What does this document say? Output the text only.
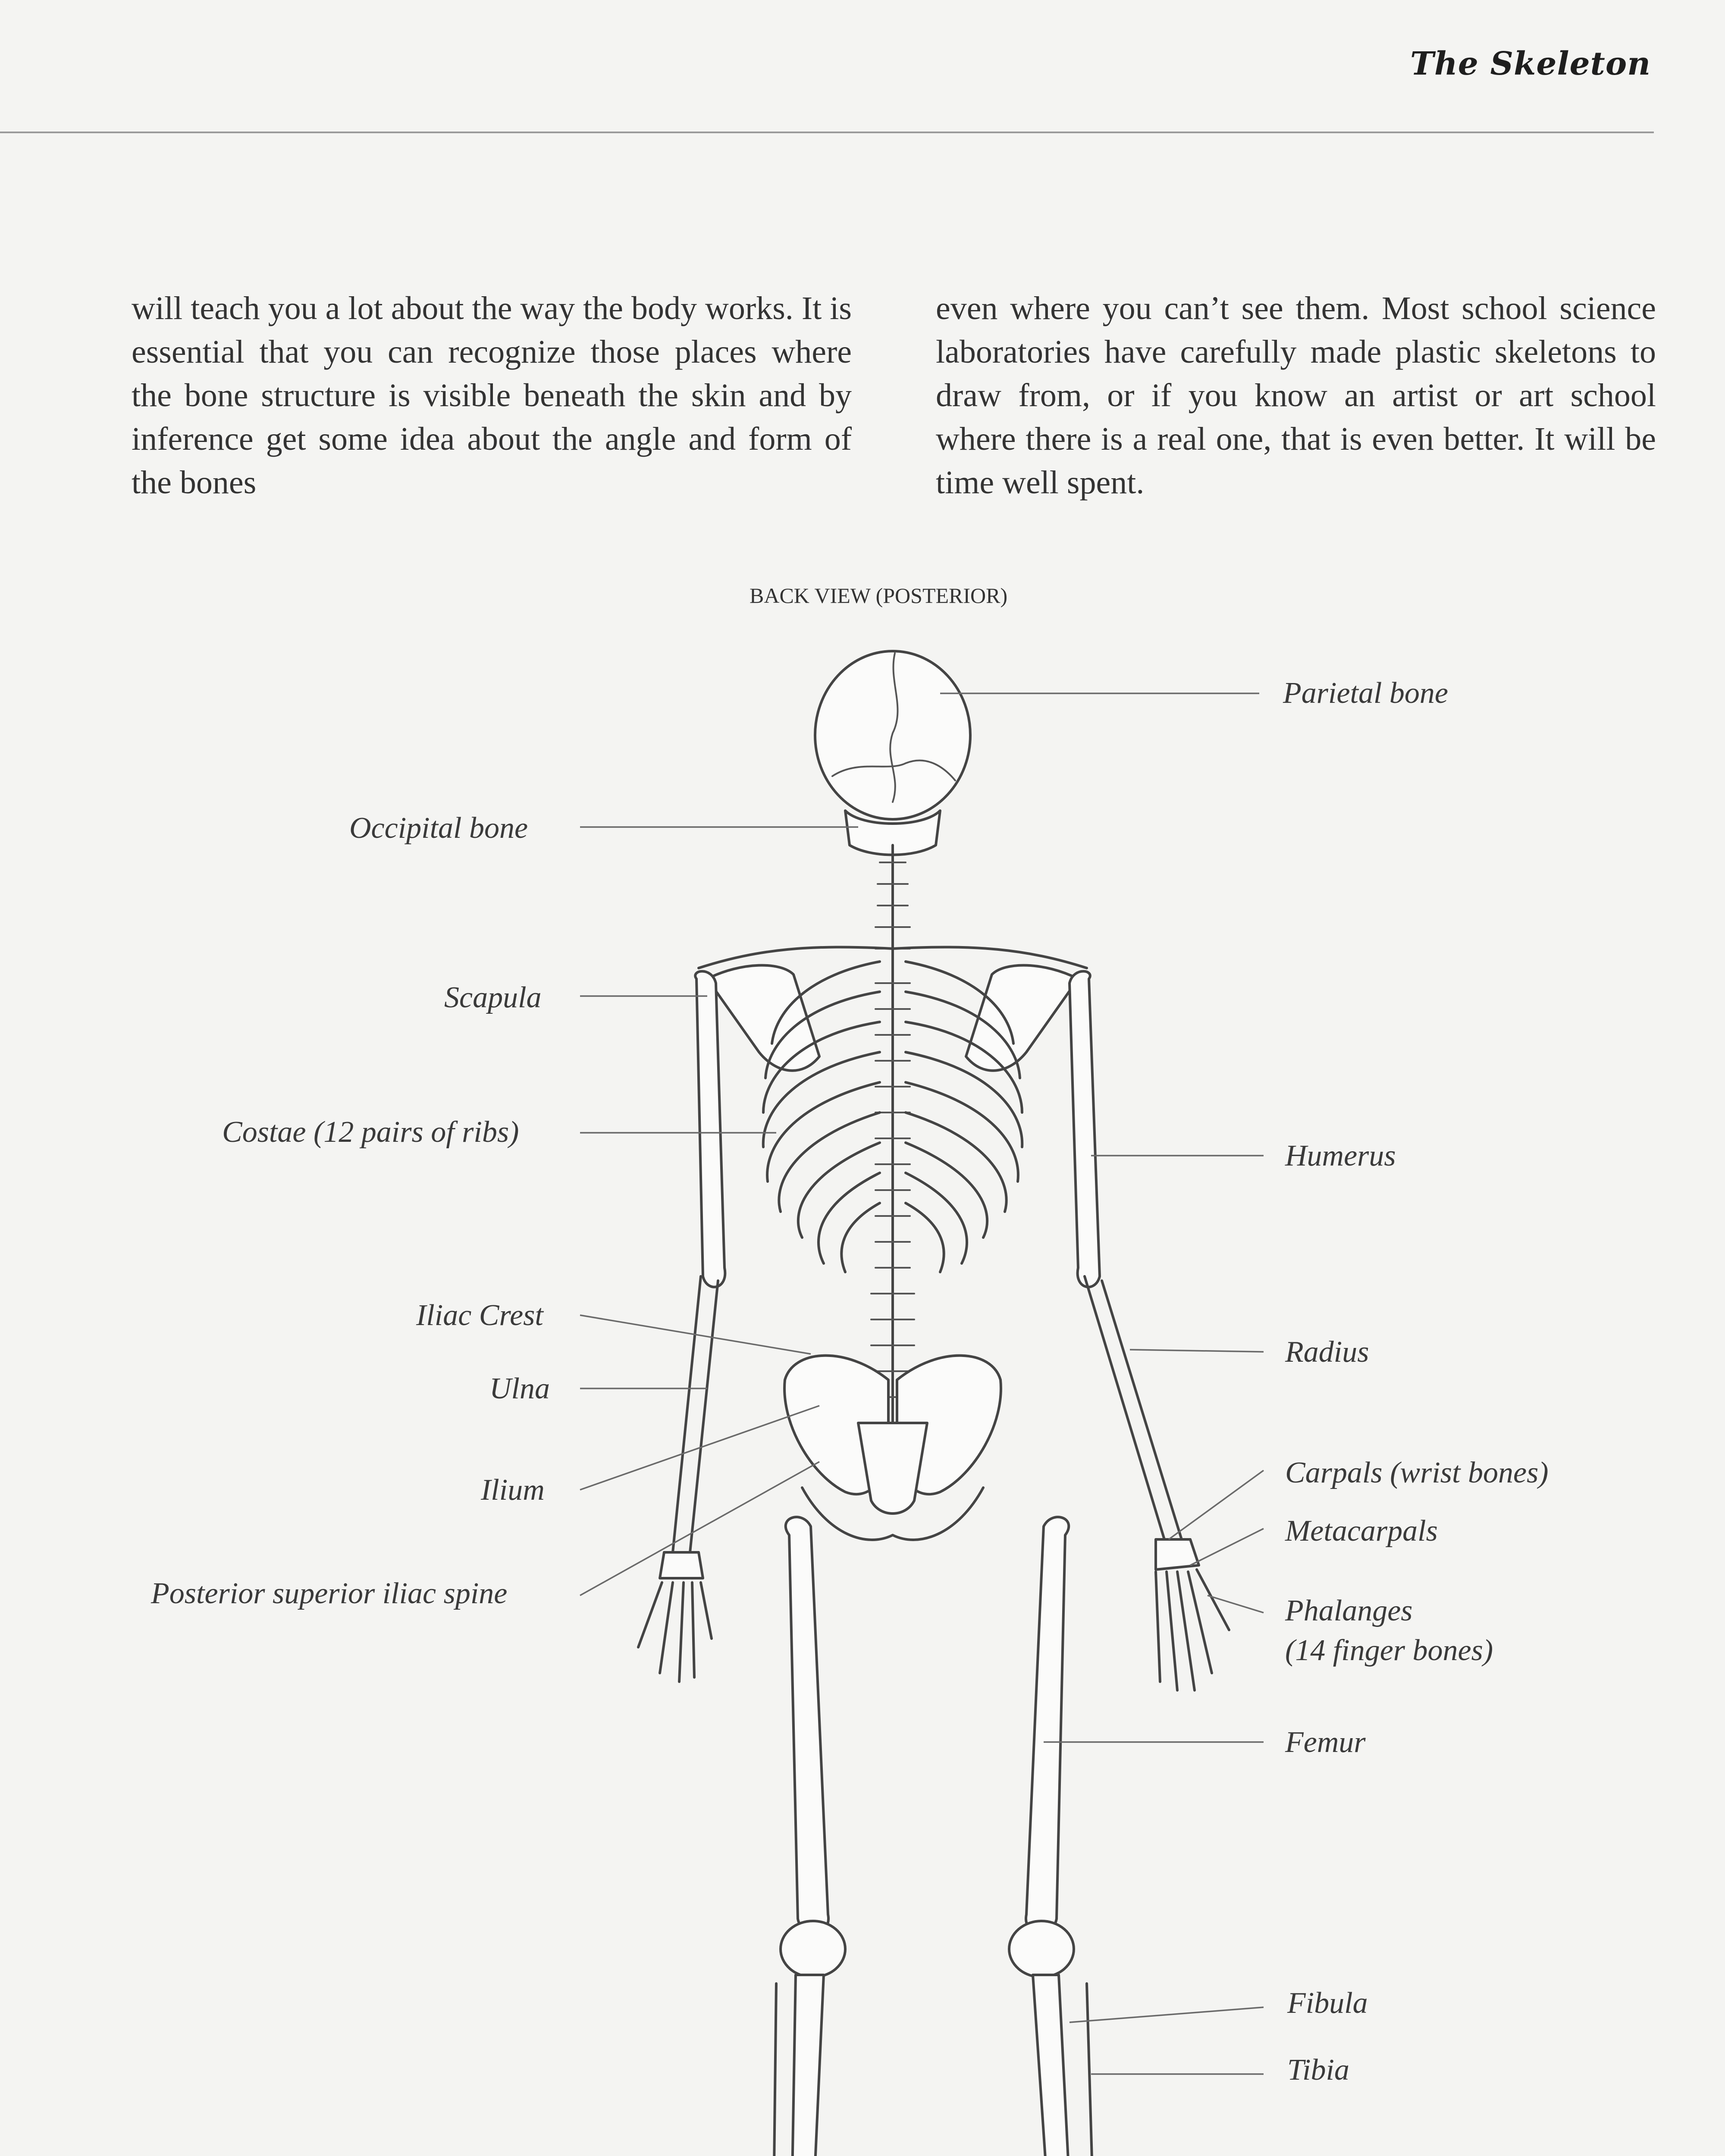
The Skeleton

will teach you a lot about the way the body works. It is essential that you can recognize those places where the bone structure is visible beneath the skin and by inference get some idea about the angle and form of the bones

even where you can’t see them. Most school science laboratories have carefully made plastic skeletons to draw from, or if you know an artist or art school where there is a real one, that is even better. It will be time well spent.

BACK VIEW (POSTERIOR)
Occipital bone
Scapula
Costae (12 pairs of ribs)
Iliac Crest
Ulna
Ilium
Posterior superior iliac spine
Parietal bone
Humerus
Radius
Carpals (wrist bones)
Metacarpals
Phalanges
(14 finger bones)
Femur
Fibula
Tibia
